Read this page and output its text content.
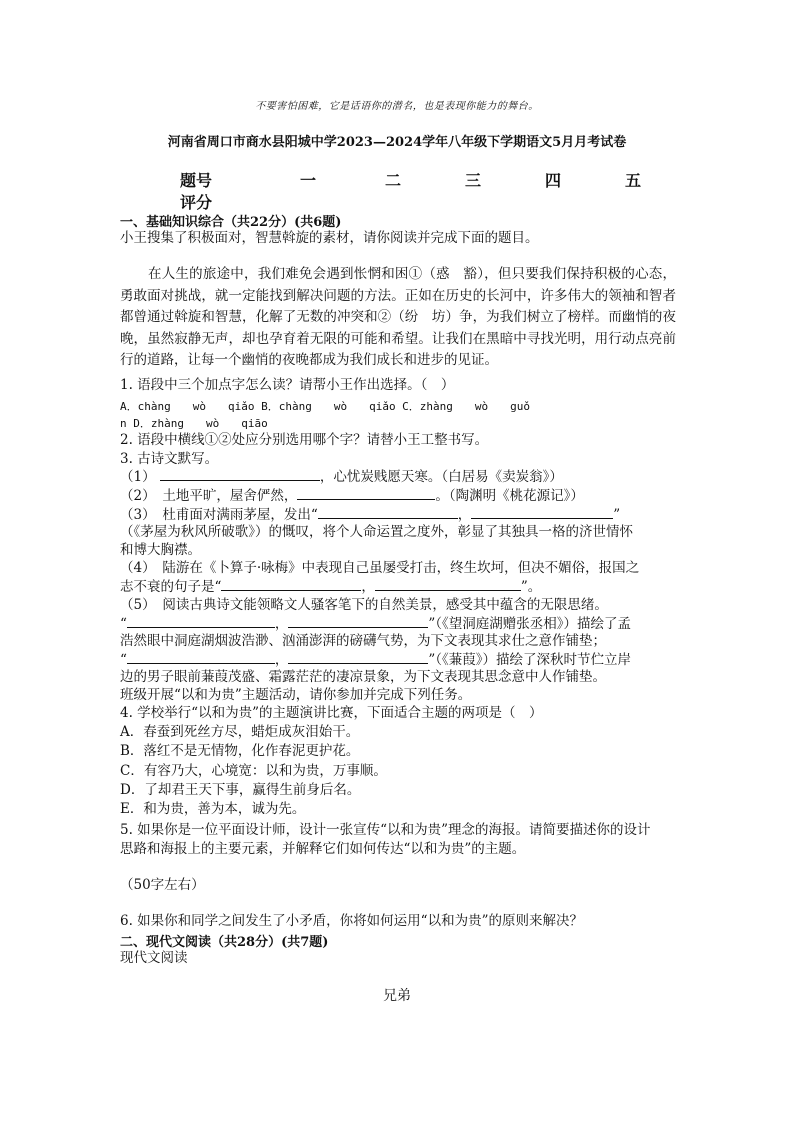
不要害怕困难，它是话语你的潜名，也是表现你能力的舞台。
河南省周口市商水县阳城中学2023—2024学年八年级下学期语文5月月考试卷
题号	一	二	三	四	五
评分
一、基础知识综合（共22分）(共6题)
小王搜集了积极面对，智慧斡旋的素材，请你阅读并完成下面的题目。
在人生的旅途中，我们难免会遇到怅惘和困①（惑　豁），但只要我们保持积极的心态，勇敢面对挑战，就一定能找到解决问题的方法。正如在历史的长河中，许多伟大的领袖和智者都曾通过斡旋和智慧，化解了无数的冲突和②（纷　坊）争，为我们树立了榜样。而幽悄的夜晚，虽然寂静无声，却也孕育着无限的可能和希望。让我们在黑暗中寻找光明，用行动点亮前行的道路，让每一个幽悄的夜晚都成为我们成长和进步的见证。
1. 语段中三个加点字怎么读？请帮小王作出选择。（　）
A．chàng　　wò　　qiǎo B．chàng　　wò　　qiǎo C．zhàng　　wò　　guǒ
n D．zhàng　　wò　　qiāo
2. 语段中横线①②处应分别选用哪个字？请替小王工整书写。
3. 古诗文默写。
（1）	，心忧炭贱愿天寒。（白居易《卖炭翁》）
（2）　土地平旷，屋舍俨然，	。（陶渊明《桃花源记》）
（3）　杜甫面对满雨茅屋，发出“	，	”
（《茅屋为秋风所破歌》）的慨叹，将个人命运置之度外，彰显了其独具一格的济世情怀
和博大胸襟。
（4）　陆游在《卜算子·咏梅》中表现自己虽屡受打击，终生坎坷，但决不媚俗，报国之
志不衰的句子是“	，	”。
（5）　阅读古典诗文能领略文人骚客笔下的自然美景，感受其中蕴含的无限思绪。
“	，	”（《望洞庭湖赠张丞相》）描绘了孟
浩然眼中洞庭湖烟波浩渺、汹涌澎湃的磅礴气势，为下文表现其求仕之意作铺垫；
“	，	”（《蒹葭》）描绘了深秋时节伫立岸
边的男子眼前蒹葭茂盛、霜露茫茫的凄凉景象，为下文表现其思念意中人作铺垫。
班级开展“以和为贵”主题活动，请你参加并完成下列任务。
4. 学校举行“以和为贵”的主题演讲比赛，下面适合主题的两项是（　）
A．春蚕到死丝方尽，蜡炬成灰泪始干。
B．落红不是无情物，化作春泥更护花。
C．有容乃大，心境宽：以和为贵，万事顺。
D．了却君王天下事，赢得生前身后名。
E．和为贵，善为本，诚为先。
5. 如果你是一位平面设计师，设计一张宣传“以和为贵”理念的海报。请简要描述你的设计
思路和海报上的主要元素，并解释它们如何传达“以和为贵”的主题。
（50字左右）
6. 如果你和同学之间发生了小矛盾，你将如何运用“以和为贵”的原则来解决？
二、现代文阅读（共28分）(共7题)
现代文阅读
兄弟
